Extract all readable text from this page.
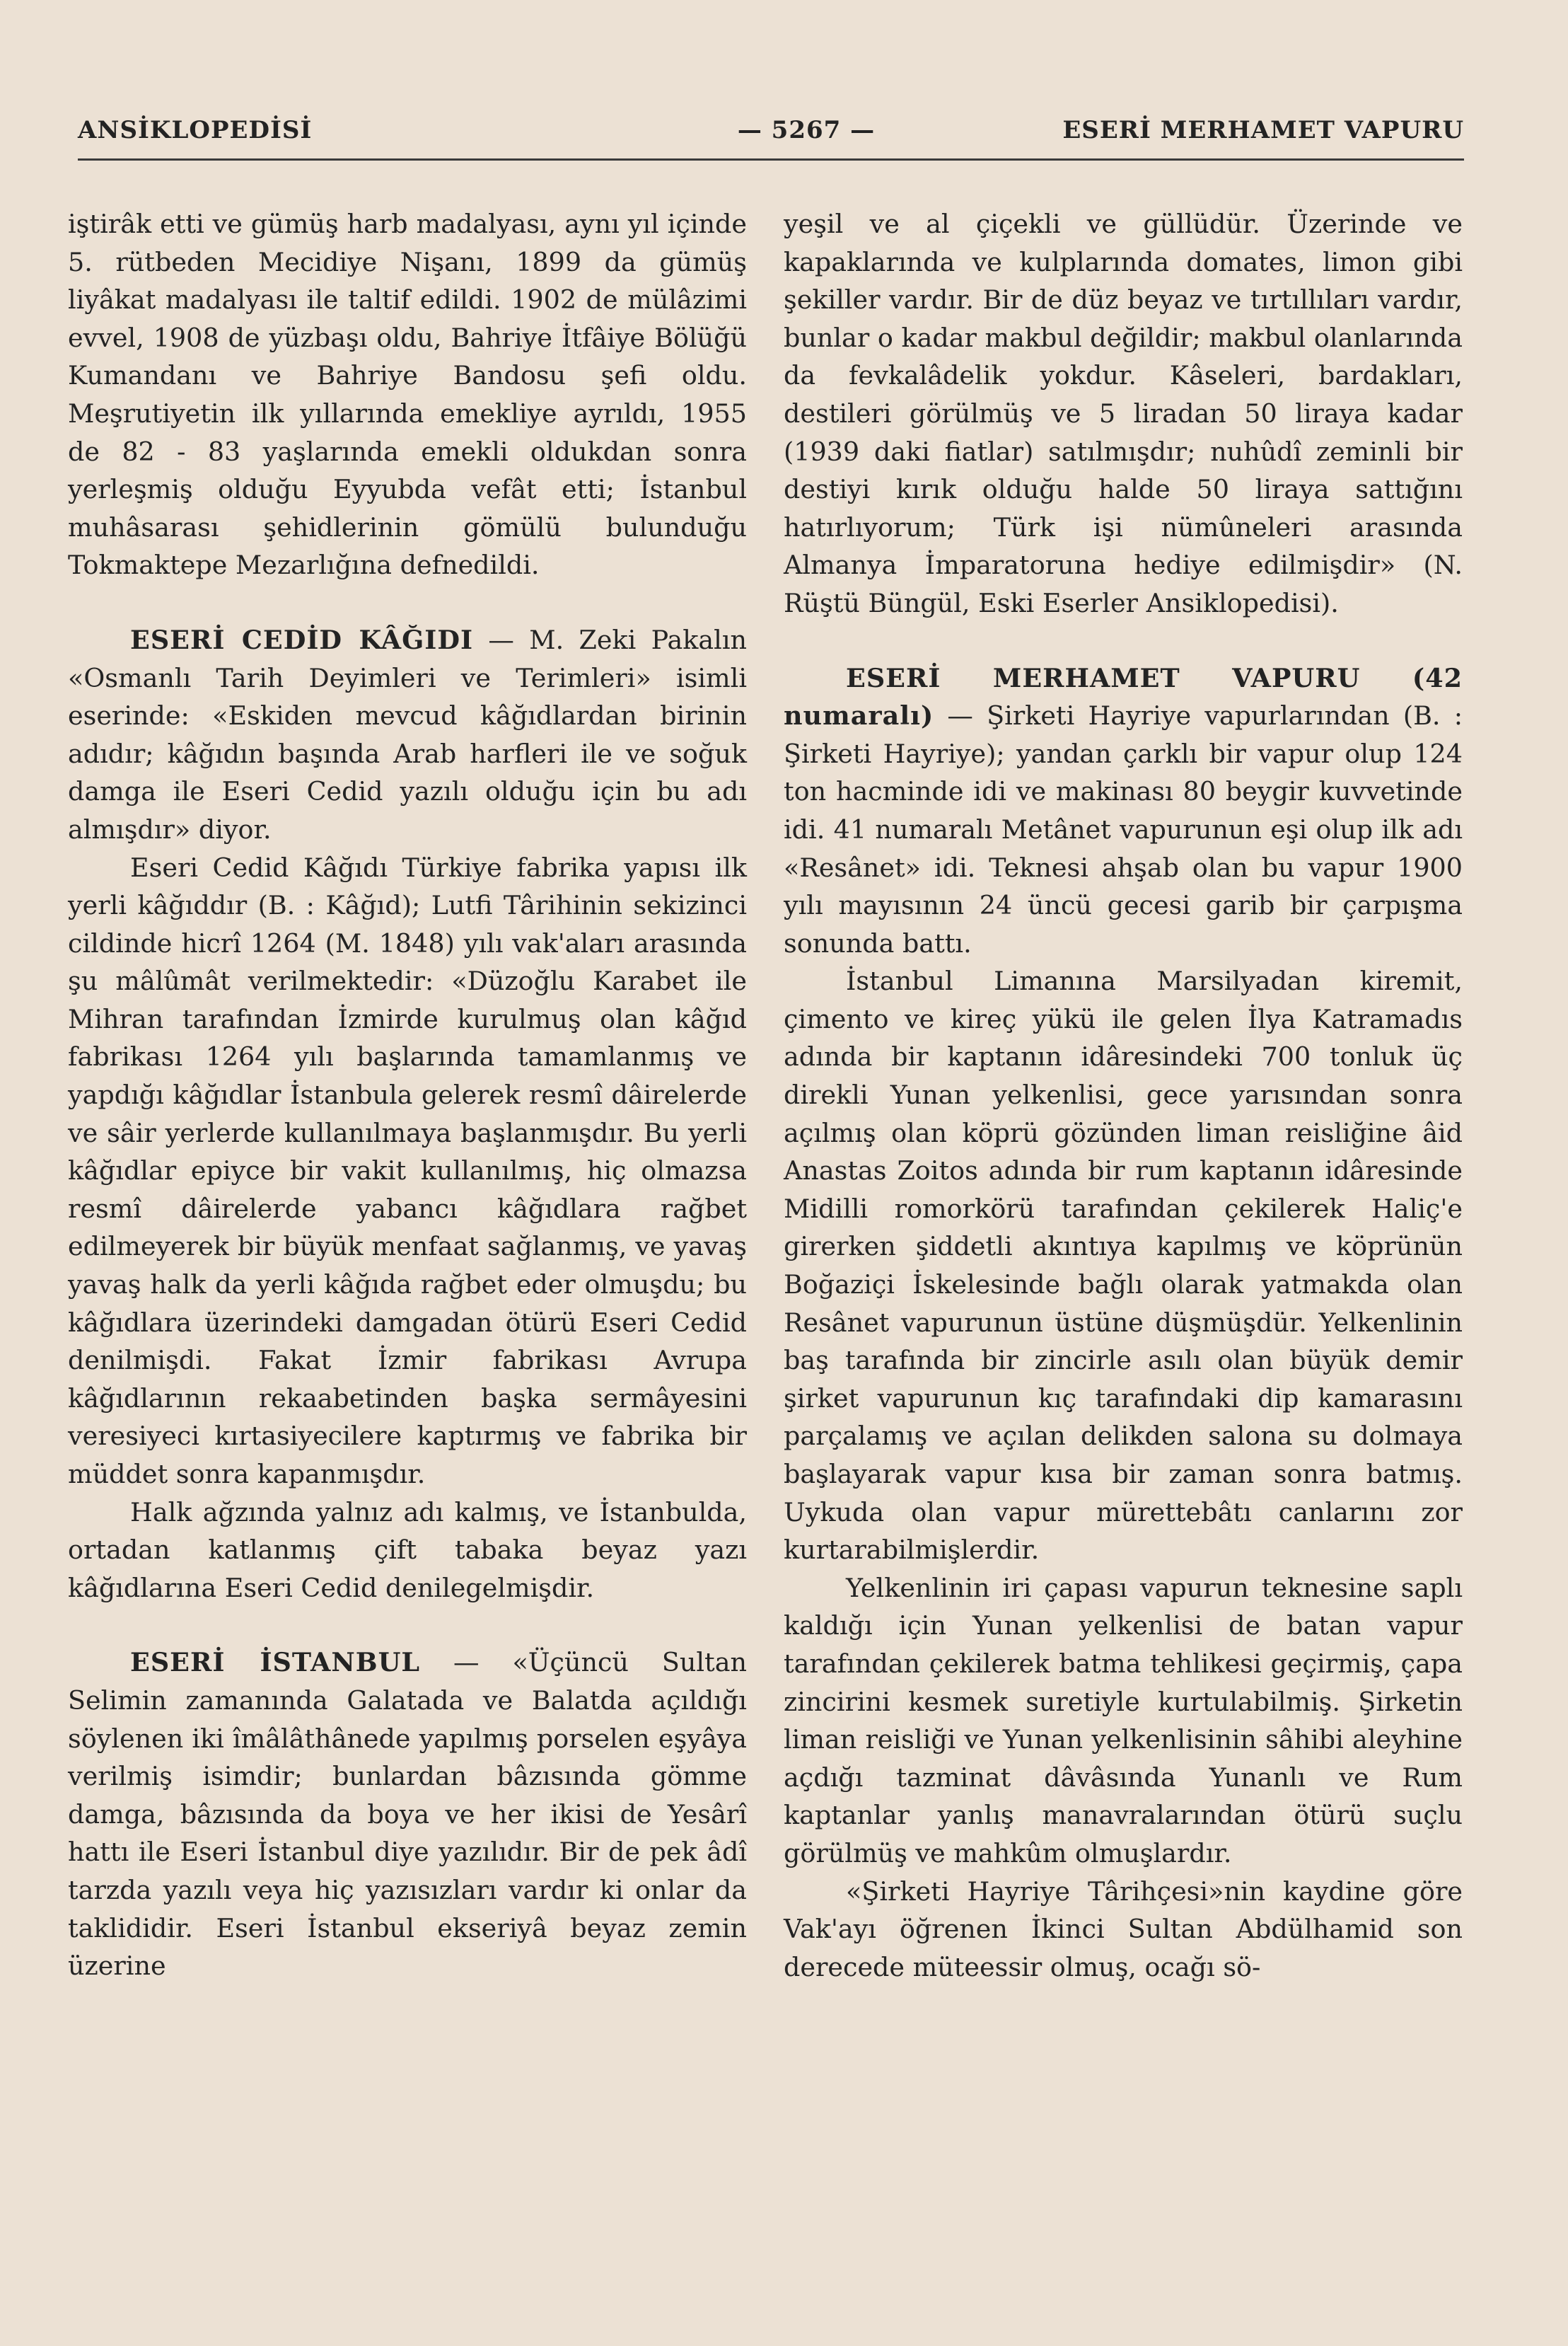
ANSİKLOPEDİSİ	— 5267 —	ESERİ MERHAMET VAPURU

iştirâk etti ve gümüş harb madalyası, aynı yıl içinde 5. rütbeden Mecidiye Nişanı, 1899 da gümüş liyâkat madalyası ile taltif edildi. 1902 de mülâzimi evvel, 1908 de yüzbaşı oldu, Bahriye İtfâiye Bölüğü Kumandanı ve Bahriye Bandosu şefi oldu. Meşrutiyetin ilk yıllarında emekliye ayrıldı, 1955 de 82 - 83 yaşlarında emekli oldukdan sonra yerleşmiş olduğu Eyyubda vefât etti; İstanbul muhâsarası şehidlerinin gömülü bulunduğu Tokmaktepe Mezarlığına defnedildi.

ESERİ CEDİD KÂĞIDI — M. Zeki Pakalın «Osmanlı Tarih Deyimleri ve Terimleri» isimli eserinde: «Eskiden mevcud kâğıdlardan birinin adıdır; kâğıdın başında Arab harfleri ile ve soğuk damga ile Eseri Cedid yazılı olduğu için bu adı almışdır» diyor.

Eseri Cedid Kâğıdı Türkiye fabrika yapısı ilk yerli kâğıddır (B. : Kâğıd); Lutfi Târihinin sekizinci cildinde hicrî 1264 (M. 1848) yılı vak'aları arasında şu mâlûmât verilmektedir: «Düzoğlu Karabet ile Mihran tarafından İzmirde kurulmuş olan kâğıd fabrikası 1264 yılı başlarında tamamlanmış ve yapdığı kâğıdlar İstanbula gelerek resmî dâirelerde ve sâir yerlerde kullanılmaya başlanmışdır. Bu yerli kâğıdlar epiyce bir vakit kullanılmış, hiç olmazsa resmî dâirelerde yabancı kâğıdlara rağbet edilmeyerek bir büyük menfaat sağlanmış, ve yavaş yavaş halk da yerli kâğıda rağbet eder olmuşdu; bu kâğıdlara üzerindeki damgadan ötürü Eseri Cedid denilmişdi. Fakat İzmir fabrikası Avrupa kâğıdlarının rekaabetinden başka sermâyesini veresiyeci kırtasiyecilere kaptırmış ve fabrika bir müddet sonra kapanmışdır.

Halk ağzında yalnız adı kalmış, ve İstanbulda, ortadan katlanmış çift tabaka beyaz yazı kâğıdlarına Eseri Cedid denilegelmişdir.

ESERİ İSTANBUL — «Üçüncü Sultan Selimin zamanında Galatada ve Balatda açıldığı söylenen iki îmâlâthânede yapılmış porselen eşyâya verilmiş isimdir; bunlardan bâzısında gömme damga, bâzısında da boya ve her ikisi de Yesârî hattı ile Eseri İstanbul diye yazılıdır. Bir de pek âdî tarzda yazılı veya hiç yazısızları vardır ki onlar da taklididir. Eseri İstanbul ekseriyâ beyaz zemin üzerine

yeşil ve al çiçekli ve güllüdür. Üzerinde ve kapaklarında ve kulplarında domates, limon gibi şekiller vardır. Bir de düz beyaz ve tırtıllıları vardır, bunlar o kadar makbul değildir; makbul olanlarında da fevkalâdelik yokdur. Kâseleri, bardakları, destileri görülmüş ve 5 liradan 50 liraya kadar (1939 daki fiatlar) satılmışdır; nuhûdî zeminli bir destiyi kırık olduğu halde 50 liraya sattığını hatırlıyorum; Türk işi nümûneleri arasında Almanya İmparatoruna hediye edilmişdir» (N. Rüştü Büngül, Eski Eserler Ansiklopedisi).

ESERİ MERHAMET VAPURU (42 numaralı) — Şirketi Hayriye vapurlarından (B. : Şirketi Hayriye); yandan çarklı bir vapur olup 124 ton hacminde idi ve makinası 80 beygir kuvvetinde idi. 41 numaralı Metânet vapurunun eşi olup ilk adı «Resânet» idi. Teknesi ahşab olan bu vapur 1900 yılı mayısının 24 üncü gecesi garib bir çarpışma sonunda battı.

İstanbul Limanına Marsilyadan kiremit, çimento ve kireç yükü ile gelen İlya Katramadıs adında bir kaptanın idâresindeki 700 tonluk üç direkli Yunan yelkenlisi, gece yarısından sonra açılmış olan köprü gözünden liman reisliğine âid Anastas Zoitos adında bir rum kaptanın idâresinde Midilli romorkörü tarafından çekilerek Haliç'e girerken şiddetli akıntıya kapılmış ve köprünün Boğaziçi İskelesinde bağlı olarak yatmakda olan Resânet vapurunun üstüne düşmüşdür. Yelkenlinin baş tarafında bir zincirle asılı olan büyük demir şirket vapurunun kıç tarafındaki dip kamarasını parçalamış ve açılan delikden salona su dolmaya başlayarak vapur kısa bir zaman sonra batmış. Uykuda olan vapur mürettebâtı canlarını zor kurtarabilmişlerdir.

Yelkenlinin iri çapası vapurun teknesine saplı kaldığı için Yunan yelkenlisi de batan vapur tarafından çekilerek batma tehlikesi geçirmiş, çapa zincirini kesmek suretiyle kurtulabilmiş. Şirketin liman reisliği ve Yunan yelkenlisinin sâhibi aleyhine açdığı tazminat dâvâsında Yunanlı ve Rum kaptanlar yanlış manavralarından ötürü suçlu görülmüş ve mahkûm olmuşlardır.

«Şirketi Hayriye Târihçesi»nin kaydine göre Vak'ayı öğrenen İkinci Sultan Abdülhamid son derecede müteessir olmuş, ocağı sö-
